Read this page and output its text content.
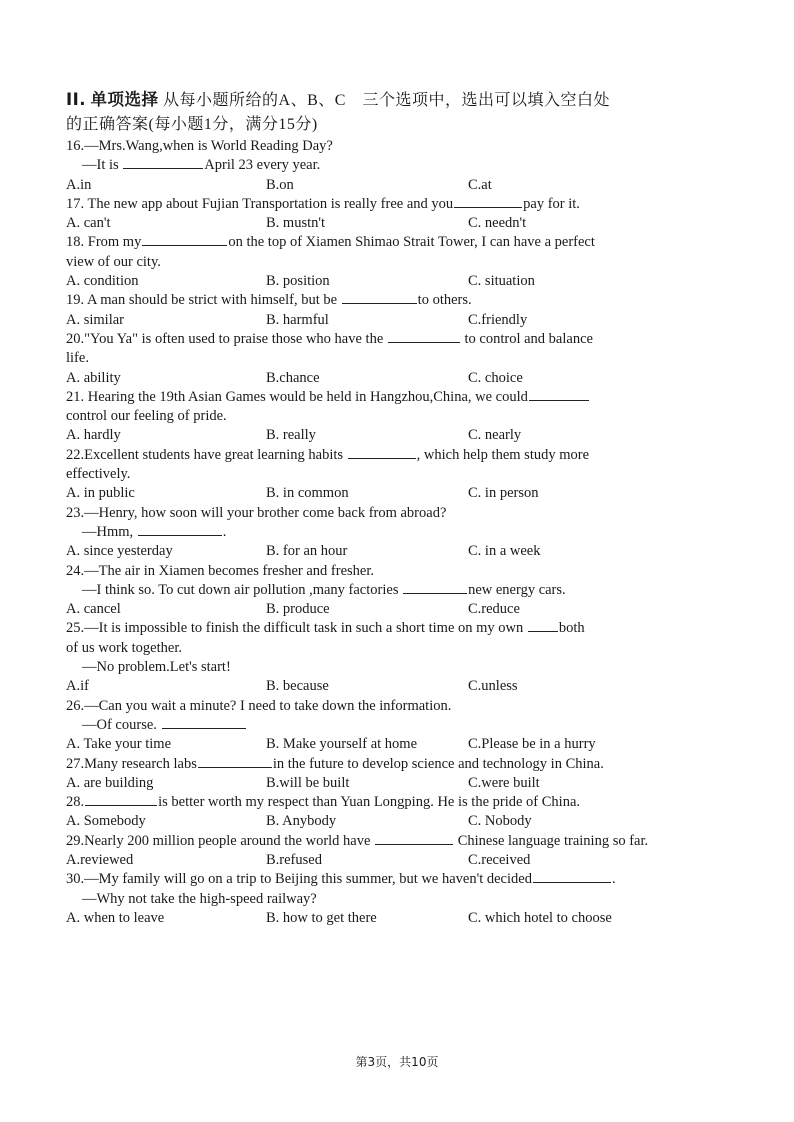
II. 单项选择 从每小题所给的A、B、C　三个选项中，选出可以填入空白处
的正确答案(每小题1分，满分15分)
16.—Mrs.Wang,when is World Reading Day?
—It is	April 23 every year.
A.in	B.on	C.at
17. The new app about Fujian Transportation is really free and you	pay for it.
A. can't	B. mustn't	C. needn't
18. From my	on the top of Xiamen Shimao Strait Tower, I can have a perfect
view of our city.
A. condition	B. position	C. situation
19. A man should be strict with himself, but be	to others.
A. similar	B. harmful	C.friendly
20."You Ya" is often used to praise those who have the	to control and balance
life.
A. ability	B.chance	C. choice
21. Hearing the 19th Asian Games would be held in Hangzhou,China, we could
control our feeling of pride.
A. hardly	B. really	C. nearly
22.Excellent students have great learning habits	, which help them study more
effectively.
A. in public	B. in common	C. in person
23.—Henry, how soon will your brother come back from abroad?
—Hmm,	.
A. since yesterday	B. for an hour	C. in a week
24.—The air in Xiamen becomes fresher and fresher.
—I think so. To cut down air pollution ,many factories	new energy cars.
A. cancel	B. produce	C.reduce
25.—It is impossible to finish the difficult task in such a short time on my own both
of us work together.
—No problem.Let's start!
A.if	B. because	C.unless
26.—Can you wait a minute? I need to take down the information.
—Of course.
A. Take your time	B. Make yourself at home	C.Please be in a hurry
27.Many research labs	in the future to develop science and technology in China.
A. are building	B.will be built	C.were built
28.	is better worth my respect than Yuan Longping. He is the pride of China.
A. Somebody	B. Anybody	C. Nobody
29.Nearly 200 million people around the world have	Chinese language training so far.
A.reviewed	B.refused	C.received
30.—My family will go on a trip to Beijing this summer, but we haven't decided	.
—Why not take the high-speed railway?
A. when to leave	B. how to get there	C. which hotel to choose
第3页，共10页
